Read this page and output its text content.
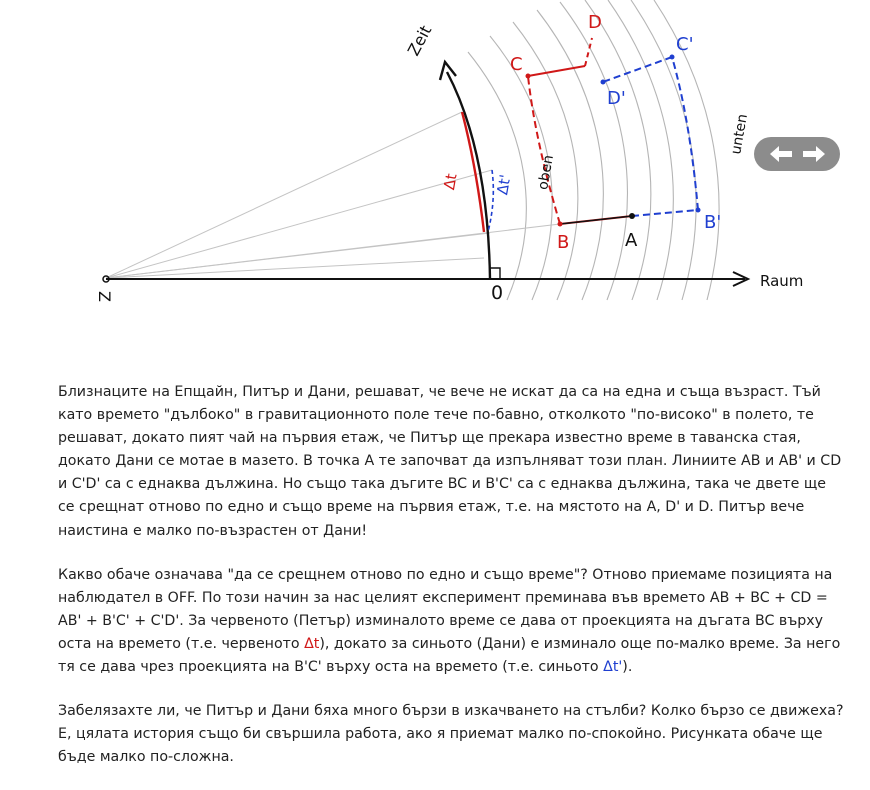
Zeit
Raum
oben
unten
0
Z
A
B
C
D
B'
C'
D'
Δt Δt'

Близнаците на Епщайн, Питър и Дани, решават, че вече не искат да са на една и съща възраст. Тъй като времето "дълбоко" в гравитационното поле тече по-бавно, отколкото "по-високо" в полето, те решават, докато пият чай на първия етаж, че Питър ще прекара известно време в таванска стая, докато Дани се мотае в мазето. В точка А те започват да изпълняват този план. Линиите АВ и АВ' и CD и C'D' са с еднаква дължина. Но също така дъгите BC и B'C' са с еднаква дължина, така че двете ще се срещнат отново по едно и също време на първия етаж, т.е. на мястото на A, D' и D. Питър вече наистина е малко по-възрастен от Дани!

Какво обаче означава "да се срещнем отново по едно и също време"? Отново приемаме позицията на наблюдател в OFF. По този начин за нас целият експеримент преминава във времето AB + BC + CD = AB' + B'C' + C'D'. За червеното (Петър) изминалото време се дава от проекцията на дъгата BC върху оста на времето (т.е. червеното Δt), докато за синьото (Дани) е изминало още по-малко време. За него тя се дава чрез проекцията на B'C' върху оста на времето (т.е. синьото Δt').

Забелязахте ли, че Питър и Дани бяха много бързи в изкачването на стълби? Колко бързо се движеха? Е, цялата история също би свършила работа, ако я приемат малко по-спокойно. Рисунката обаче ще бъде малко по-сложна.
